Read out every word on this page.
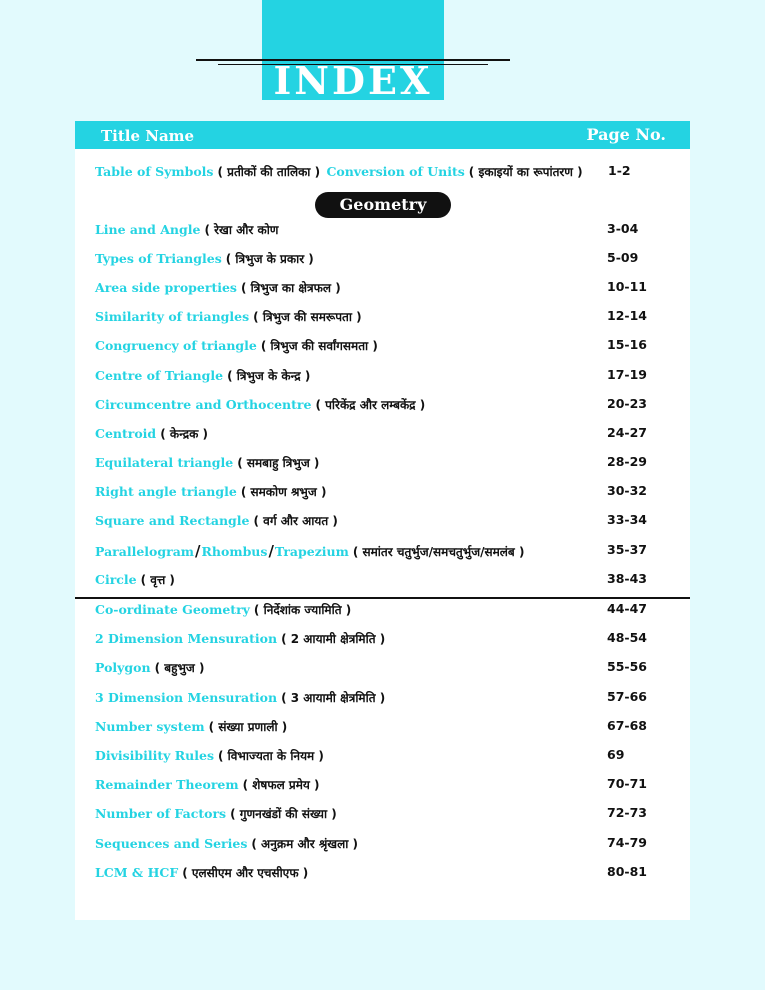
INDEX
Title Name	Page No.
Table of Symbols ( प्रतीकों की तालिका ) Conversion of Units ( इकाइयों का रूपांतरण ) 1-2
Geometry
Line and Angle ( रेखा और कोण	3-04
Types of Triangles ( त्रिभुज के प्रकार )	5-09
Area side properties ( त्रिभुज का क्षेत्रफल )	10-11
Similarity of triangles ( त्रिभुज की समरूपता )	12-14
Congruency of triangle ( त्रिभुज की सर्वांगसमता )	15-16
Centre of Triangle ( त्रिभुज के केन्द्र )	17-19
Circumcentre and Orthocentre ( परिकेंद्र और लम्बकेंद्र )	20-23
Centroid ( केन्द्रक )	24-27
Equilateral triangle ( समबाहु त्रिभुज )	28-29
Right angle triangle ( समकोण श्रभुज )	30-32
Square and Rectangle ( वर्ग और आयत )	33-34
Parallelogram/Rhombus/Trapezium ( समांतर चतुर्भुज/समचतुर्भुज/समलंब )	35-37
Circle ( वृत्त )	38-43
Co-ordinate Geometry ( निर्देशांक ज्यामिति )	44-47
2 Dimension Mensuration ( 2 आयामी क्षेत्रमिति )	48-54
Polygon ( बहुभुज )	55-56
3 Dimension Mensuration ( 3 आयामी क्षेत्रमिति )	57-66
Number system ( संख्या प्रणाली )	67-68
Divisibility Rules ( विभाज्यता के नियम )	69
Remainder Theorem ( शेषफल प्रमेय )	70-71
Number of Factors ( गुणनखंडों की संख्या )	72-73
Sequences and Series ( अनुक्रम और श्रृंखला )	74-79
LCM & HCF ( एलसीएम और एचसीएफ )	80-81
